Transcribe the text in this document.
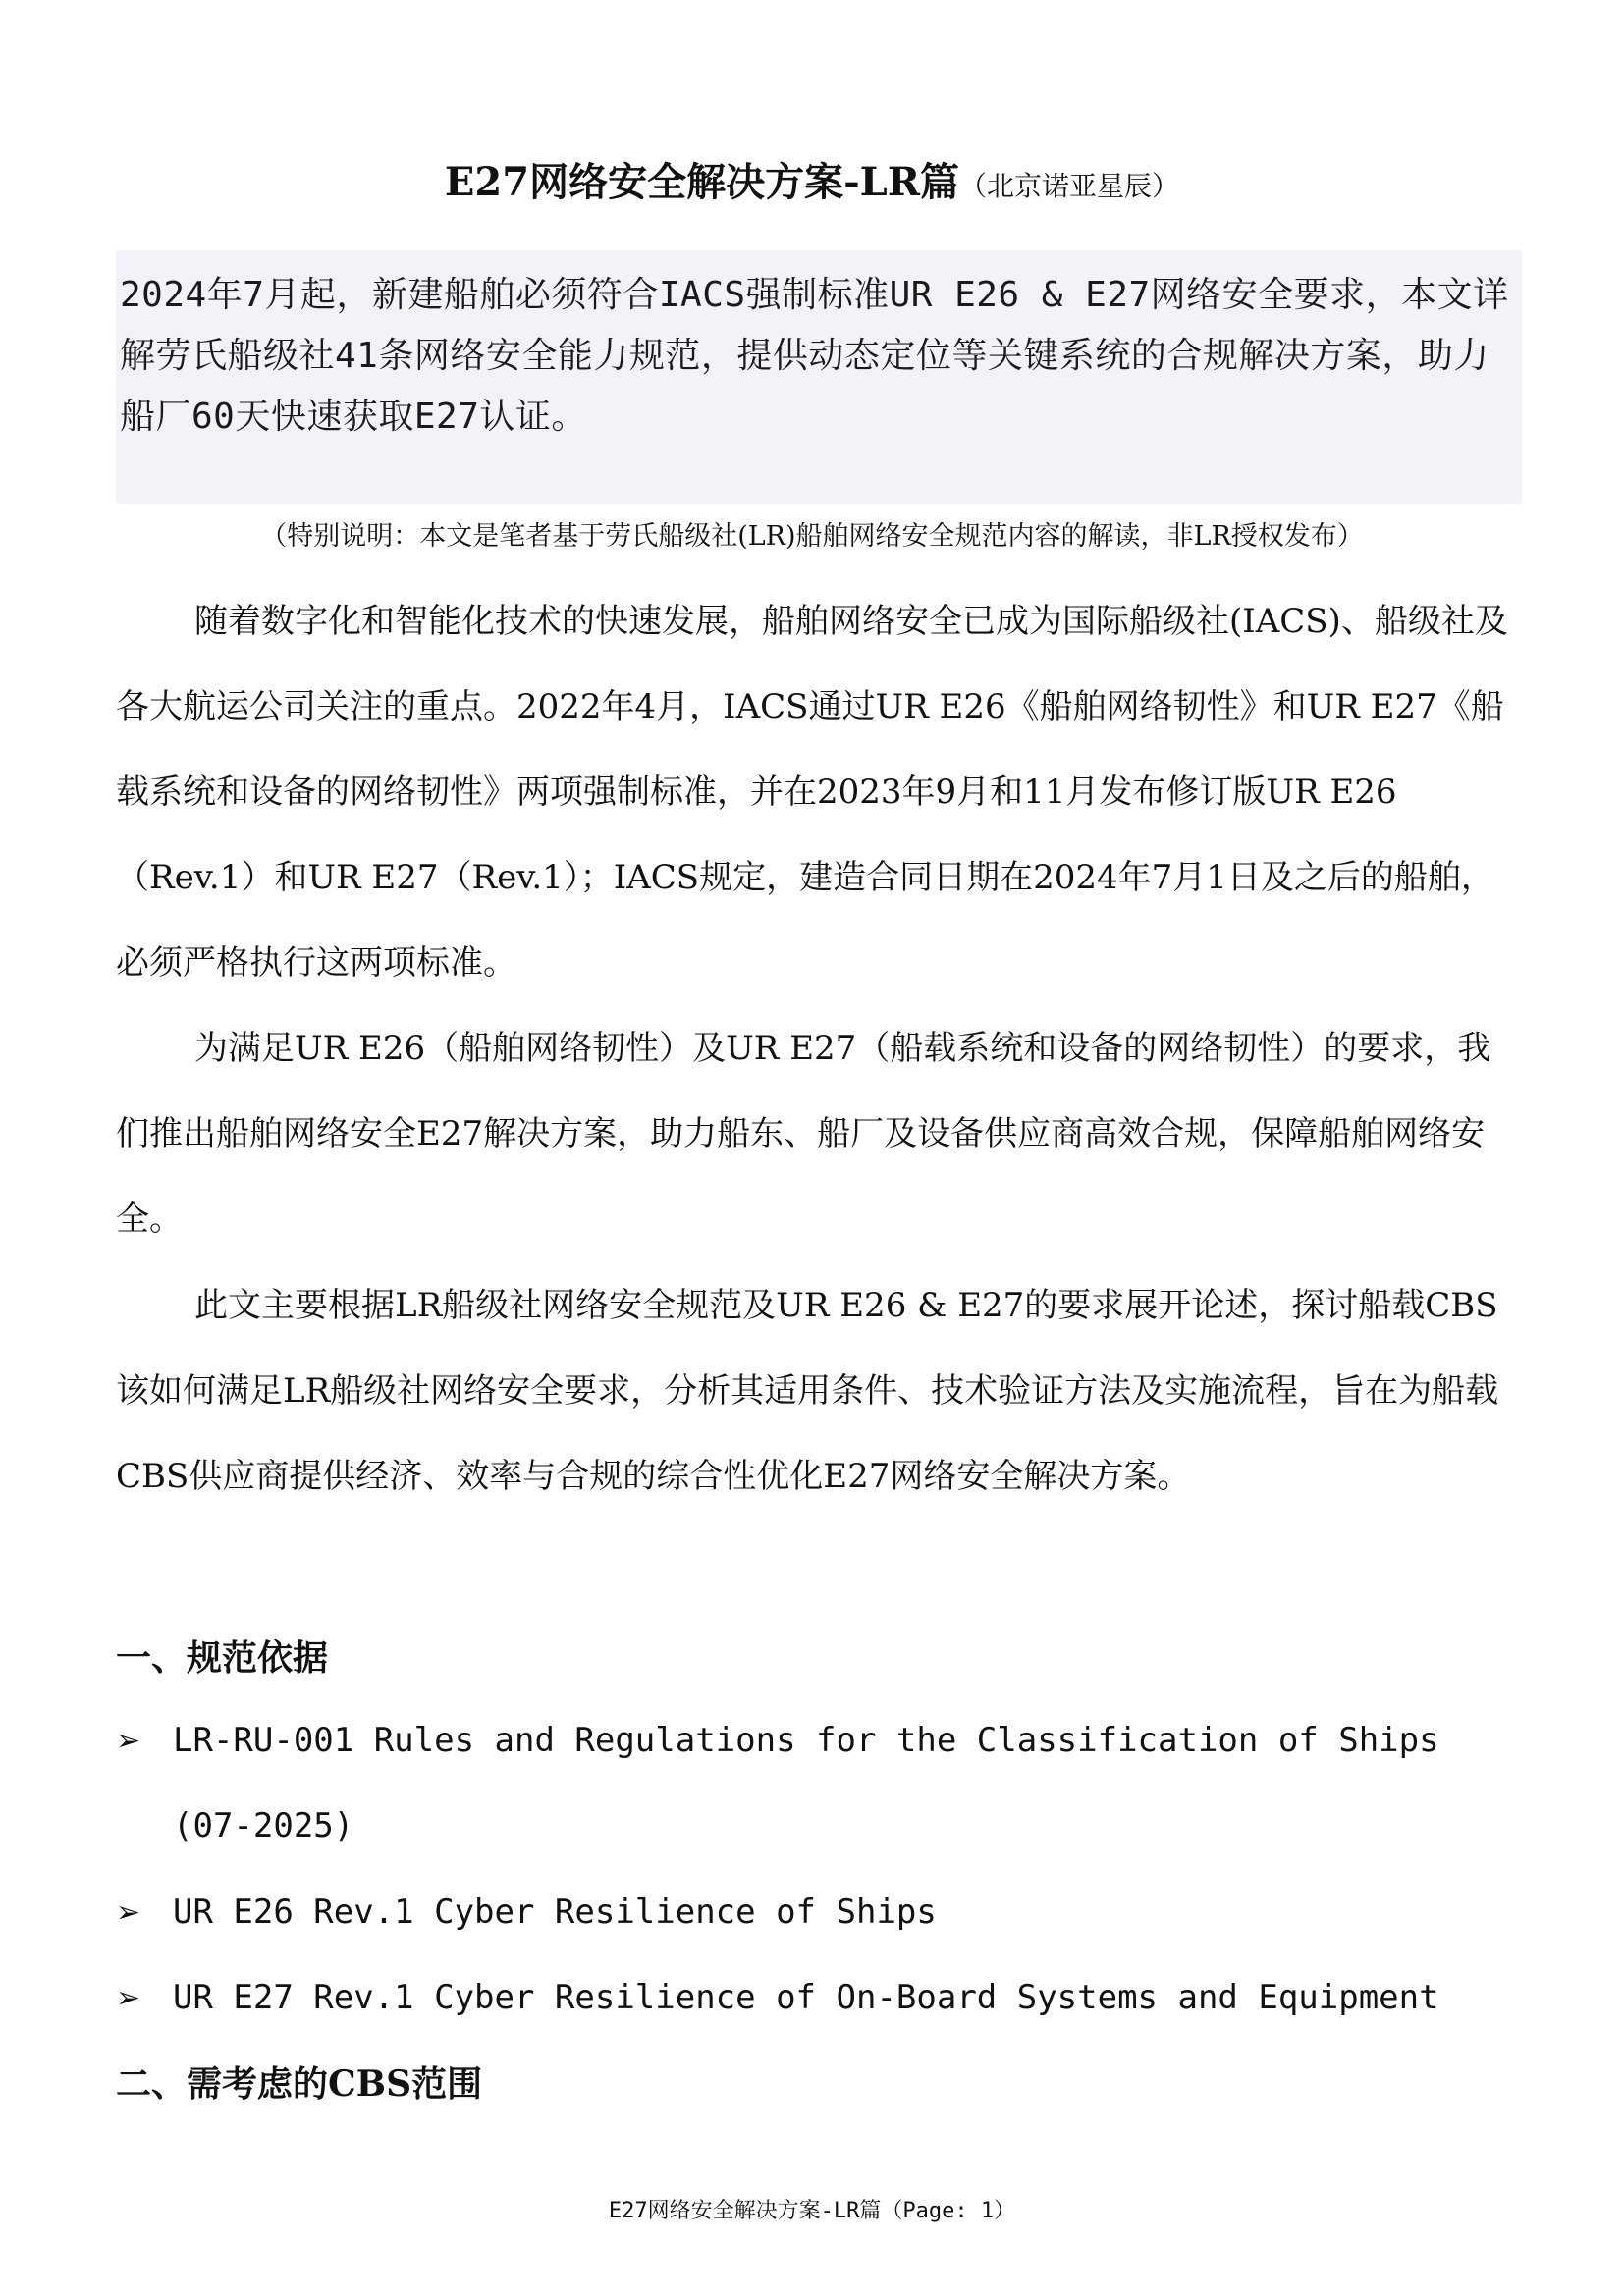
E27网络安全解决方案-LR篇（北京诺亚星辰）
2024年7月起，新建船舶必须符合IACS强制标准UR E26 & E27网络安全要求，本文详解劳氏船级社41条网络安全能力规范，提供动态定位等关键系统的合规解决方案，助力船厂60天快速获取E27认证。
（特别说明：本文是笔者基于劳氏船级社(LR)船舶网络安全规范内容的解读，非LR授权发布）

随着数字化和智能化技术的快速发展，船舶网络安全已成为国际船级社(IACS)、船级社及各大航运公司关注的重点。2022年4月，IACS通过UR E26《船舶网络韧性》和UR E27《船载系统和设备的网络韧性》两项强制标准，并在2023年9月和11月发布修订版UR E26（Rev.1）和UR E27（Rev.1）；IACS规定，建造合同日期在2024年7月1日及之后的船舶，必须严格执行这两项标准。

为满足UR E26（船舶网络韧性）及UR E27（船载系统和设备的网络韧性）的要求，我们推出船舶网络安全E27解决方案，助力船东、船厂及设备供应商高效合规，保障船舶网络安全。

此文主要根据LR船级社网络安全规范及UR E26 & E27的要求展开论述，探讨船载CBS该如何满足LR船级社网络安全要求，分析其适用条件、技术验证方法及实施流程，旨在为船载CBS供应商提供经济、效率与合规的综合性优化E27网络安全解决方案。

一、规范依据
➢ LR-RU-001 Rules and Regulations for the Classification of Ships (07-2025)
➢ UR E26 Rev.1 Cyber Resilience of Ships
➢ UR E27 Rev.1 Cyber Resilience of On-Board Systems and Equipment
二、需考虑的CBS范围
E27网络安全解决方案-LR篇（Page: 1）
